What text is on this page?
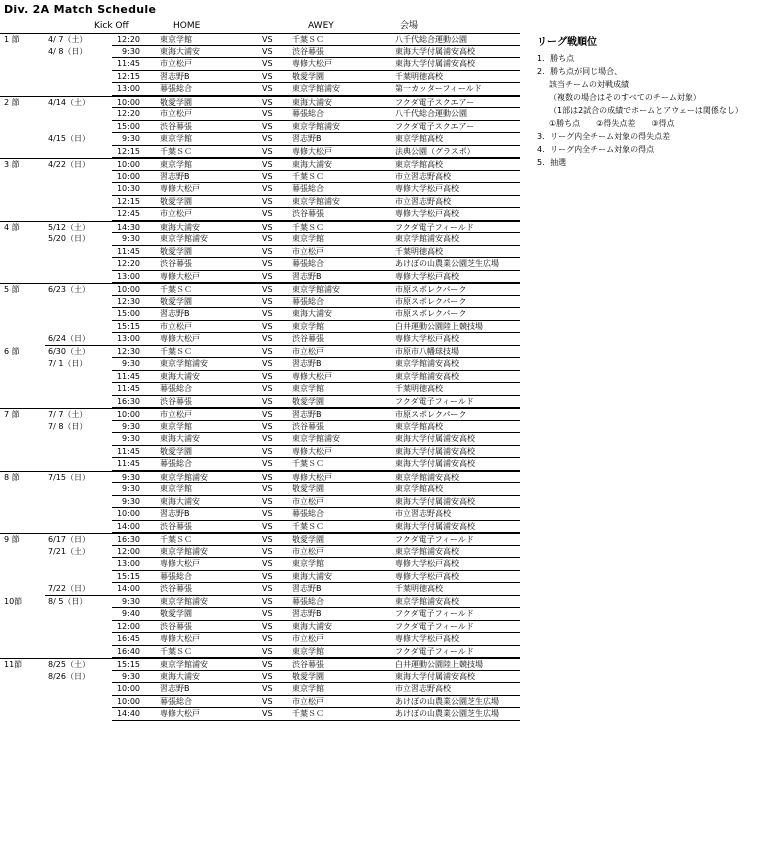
Div. 2A Match Schedule
Kick Off	HOME	AWEY	会場
1 節	4/ 7（土）	12:20	東京学館	VS	千葉ＳＣ	八千代総合運動公園
4/ 8（日）	9:30	東海大浦安	VS	渋谷幕張	東海大学付属浦安高校
11:45	市立松戸	VS	専修大松戸	東海大学付属浦安高校
12:15	習志野B	VS	敬愛学園	千葉明徳高校
13:00	幕張総合	VS	東京学館浦安	第一カッターフィールド
2 節	4/14（土）	10:00	敬愛学園	VS	東海大浦安	フクダ電子スクエアー
12:20	市立松戸	VS	幕張総合	八千代総合運動公園
15:00	渋谷幕張	VS	東京学館浦安	フクダ電子スクエアー
4/15（日）	9:30	東京学館	VS	習志野B	東京学館高校
12:15	千葉ＳＣ	VS	専修大松戸	法典公園（グラスポ）
3 節	4/22（日）	10:00	東京学館	VS	東海大浦安	東京学館高校
10:00	習志野B	VS	千葉ＳＣ	市立習志野高校
10:30	専修大松戸	VS	幕張総合	専修大学松戸高校
12:15	敬愛学園	VS	東京学館浦安	市立習志野高校
12:45	市立松戸	VS	渋谷幕張	専修大学松戸高校
4 節	5/12（土）	14:30	東海大浦安	VS	千葉ＳＣ	フクダ電子フィールド
5/20（日）	9:30	東京学館浦安	VS	東京学館	東京学館浦安高校
11:45	敬愛学園	VS	市立松戸	千葉明徳高校
12:20	渋谷幕張	VS	幕張総合	あけぼの山農業公園芝生広場
13:00	専修大松戸	VS	習志野B	専修大学松戸高校
5 節	6/23（土）	10:00	千葉ＳＣ	VS	東京学館浦安	市原スポレクパーク
12:30	敬愛学園	VS	幕張総合	市原スポレクパーク
15:00	習志野B	VS	東海大浦安	市原スポレクパーク
15:15	市立松戸	VS	東京学館	白井運動公園陸上競技場
6/24（日）	13:00	専修大松戸	VS	渋谷幕張	専修大学松戸高校
6 節	6/30（土）	12:30	千葉ＳＣ	VS	市立松戸	市原市八幡球技場
7/ 1（日）	9:30	東京学館浦安	VS	習志野B	東京学館浦安高校
11:45	東海大浦安	VS	専修大松戸	東京学館浦安高校
11:45	幕張総合	VS	東京学館	千葉明徳高校
16:30	渋谷幕張	VS	敬愛学園	フクダ電子フィールド
7 節	7/ 7（土）	10:00	市立松戸	VS	習志野B	市原スポレクパーク
7/ 8（日）	9:30	東京学館	VS	渋谷幕張	東京学館高校
9:30	東海大浦安	VS	東京学館浦安	東海大学付属浦安高校
11:45	敬愛学園	VS	専修大松戸	東海大学付属浦安高校
11:45	幕張総合	VS	千葉ＳＣ	東海大学付属浦安高校
8 節	7/15（日）	9:30	東京学館浦安	VS	専修大松戸	東京学館浦安高校
9:30	東京学館	VS	敬愛学園	東京学館高校
9:30	東海大浦安	VS	市立松戸	東海大学付属浦安高校
10:00	習志野B	VS	幕張総合	市立習志野高校
14:00	渋谷幕張	VS	千葉ＳＣ	東海大学付属浦安高校
9 節	6/17（日）	16:30	千葉ＳＣ	VS	敬愛学園	フクダ電子フィールド
7/21（土）	12:00	東京学館浦安	VS	市立松戸	東京学館浦安高校
13:00	専修大松戸	VS	東京学館	専修大学松戸高校
15:15	幕張総合	VS	東海大浦安	専修大学松戸高校
7/22（日）	14:00	渋谷幕張	VS	習志野B	千葉明徳高校
10節	8/ 5（日）	9:30	東京学館浦安	VS	幕張総合	東京学館浦安高校
9:40	敬愛学園	VS	習志野B	フクダ電子フィールド
12:00	渋谷幕張	VS	東海大浦安	フクダ電子フィールド
16:45	専修大松戸	VS	市立松戸	専修大学松戸高校
16:40	千葉ＳＣ	VS	東京学館	フクダ電子フィールド
11節	8/25（土）	15:15	東京学館浦安	VS	渋谷幕張	白井運動公園陸上競技場
8/26（日）	9:30	東海大浦安	VS	敬愛学園	東海大学付属浦安高校
10:00	習志野B	VS	東京学館	市立習志野高校
10:00	幕張総合	VS	市立松戸	あけぼの山農業公園芝生広場
14:40	専修大松戸	VS	千葉ＳＣ	あけぼの山農業公園芝生広場
リーグ戦順位
1．勝ち点
2．勝ち点が同じ場合、
該当チームの対戦成績
（複数の場合はそのすべてのチーム対象）
（1部は2試合の成績でホームとアウェーは関係なし）
①勝ち点　　②得失点差　　③得点
3．リーグ内全チーム対象の得失点差
4．リーグ内全チーム対象の得点
5．抽選
